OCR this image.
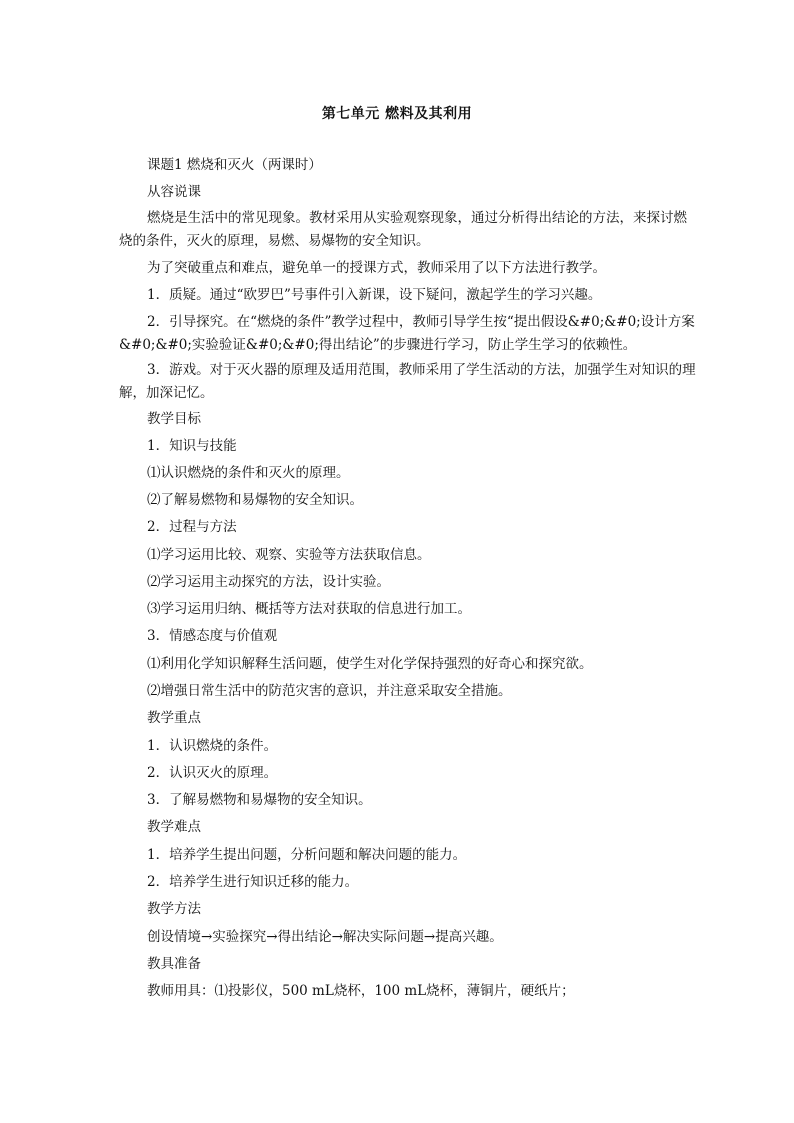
第七单元 燃料及其利用
课题1 燃烧和灭火（两课时）
从容说课
燃烧是生活中的常见现象。教材采用从实验观察现象，通过分析得出结论的方法，来探讨燃烧的条件，灭火的原理，易燃、易爆物的安全知识。
为了突破重点和难点，避免单一的授课方式，教师采用了以下方法进行教学。
1．质疑。通过“欧罗巴”号事件引入新课，设下疑问，激起学生的学习兴趣。
2．引导探究。在“燃烧的条件”教学过程中，教师引导学生按“提出假设&#0;&#0;设计方案&#0;&#0;实验验证&#0;&#0;得出结论”的步骤进行学习，防止学生学习的依赖性。
3．游戏。对于灭火器的原理及适用范围，教师采用了学生活动的方法，加强学生对知识的理解，加深记忆。
教学目标
1．知识与技能
⑴认识燃烧的条件和灭火的原理。
⑵了解易燃物和易爆物的安全知识。
2．过程与方法
⑴学习运用比较、观察、实验等方法获取信息。
⑵学习运用主动探究的方法，设计实验。
⑶学习运用归纳、概括等方法对获取的信息进行加工。
3．情感态度与价值观
⑴利用化学知识解释生活问题，使学生对化学保持强烈的好奇心和探究欲。
⑵增强日常生活中的防范灾害的意识，并注意采取安全措施。
教学重点
1．认识燃烧的条件。
2．认识灭火的原理。
3．了解易燃物和易爆物的安全知识。
教学难点
1．培养学生提出问题，分析问题和解决问题的能力。
2．培养学生进行知识迁移的能力。
教学方法
创设情境→实验探究→得出结论→解决实际问题→提高兴趣。
教具准备
教师用具：⑴投影仪，500 mL烧杯，100 mL烧杯，薄铜片，硬纸片；
